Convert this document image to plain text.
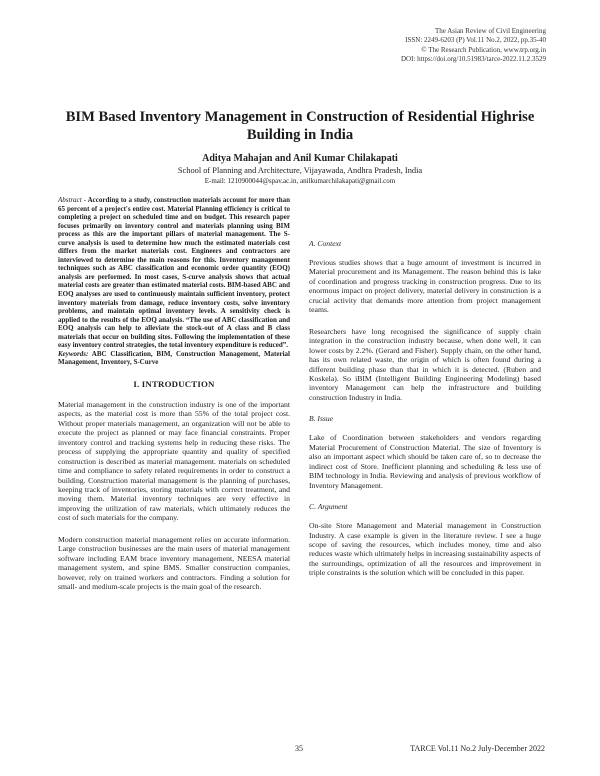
The Asian Review of Civil Engineering
ISSN: 2249-6203 (P) Vol.11 No.2, 2022, pp.35-40
© The Research Publication, www.trp.org.in
DOI: https://doi.org/10.51983/tarce-2022.11.2.3529
BIM Based Inventory Management in Construction of Residential Highrise Building in India
Aditya Mahajan and Anil Kumar Chilakapati
School of Planning and Architecture, Vijayawada, Andhra Pradesh, India
E-mail: 1210900044@spav.ac.in, anilkumarchilakapati@gmail.com

Abstract - According to a study, construction materials account for more than 65 percent of a project's entire cost. Material Planning efficiency is critical to completing a project on scheduled time and on budget. This research paper focuses primarily on inventory control and materials planning using BIM process as this are the important pillars of material management. The S-curve analysis is used to determine how much the estimated materials cost differs from the market materials cost. Engineers and contractors are interviewed to determine the main reasons for this. Inventory management techniques such as ABC classification and economic order quantity (EOQ) analysis are performed. In most cases, S-curve analysis shows that actual material costs are greater than estimated material costs. BIM-based ABC and EOQ analyses are used to continuously maintain sufficient inventory, protect inventory materials from damage, reduce inventory costs, solve inventory problems, and maintain optimal inventory levels. A sensitivity check is applied to the results of the EOQ analysis. “The use of ABC classification and EOQ analysis can help to alleviate the stock-out of A class and B class materials that occur on building sites. Following the implementation of these easy inventory control strategies, the total inventory expenditure is reduced”.

Keywords: ABC Classification, BIM, Construction Management, Material Management, Inventory, S-Curve

I. INTRODUCTION

Material management in the construction industry is one of the important aspects, as the material cost is more than 55% of the total project cost. Without proper materials management, an organization will not be able to execute the project as planned or may face financial constraints. Proper inventory control and tracking systems help in reducing these risks. The process of supplying the appropriate quantity and quality of specified construction is described as material management. materials on scheduled time and compliance to safety related requirements in order to construct a building. Construction material management is the planning of purchases, keeping track of inventories, storing materials with correct treatment, and moving them. Material inventory techniques are very effective in improving the utilization of raw materials, which ultimately reduces the cost of such materials for the company.

Modern construction material management relies on accurate information. Large construction businesses are the main users of material management software including EAM brace inventory management, NEESA material management system, and spine BMS. Smaller construction companies, however, rely on trained workers and contractors. Finding a solution for small- and medium-scale projects is the main goal of the research.

A. Context

Previous studies shows that a huge amount of investment is incurred in Material procurement and its Management. The reason behind this is lake of coordination and progress tracking in construction progress. Due to its enormous impact on project delivery, material delivery in construction is a crucial activity that demands more attention from project management teams.

Researchers have long recognised the significance of supply chain integration in the construction industry because, when done well, it can lower costs by 2.2%. (Gerard and Fisher). Supply chain, on the other hand, has its own related waste, the origin of which is often found during a different building phase than that in which it is detected. (Ruben and Koskela). So iBIM (Intelligent Building Engineering Modeling) based inventory Management can help the infrastructure and building construction Industry in India.

B. Issue

Lake of Coordination between stakeholders and vendors regarding Material Procurement of Construction Material. The size of Inventory is also an important aspect which should be taken care of, so to decrease the indirect cost of Store. Inefficient planning and scheduling & less use of BIM technology in India. Reviewing and analysis of previous workflow of Inventory Management.

C. Argument

On-site Store Management and Material management in Construction Industry. A case example is given in the literature review. I see a huge scope of saving the resources, which includes money, time and also reduces waste which ultimately helps in increasing sustainability aspects of the surroundings, optimization of all the resources and improvement in triple constraints is the solution which will be concluded in this paper.

35	TARCE Vol.11 No.2 July-December 2022
